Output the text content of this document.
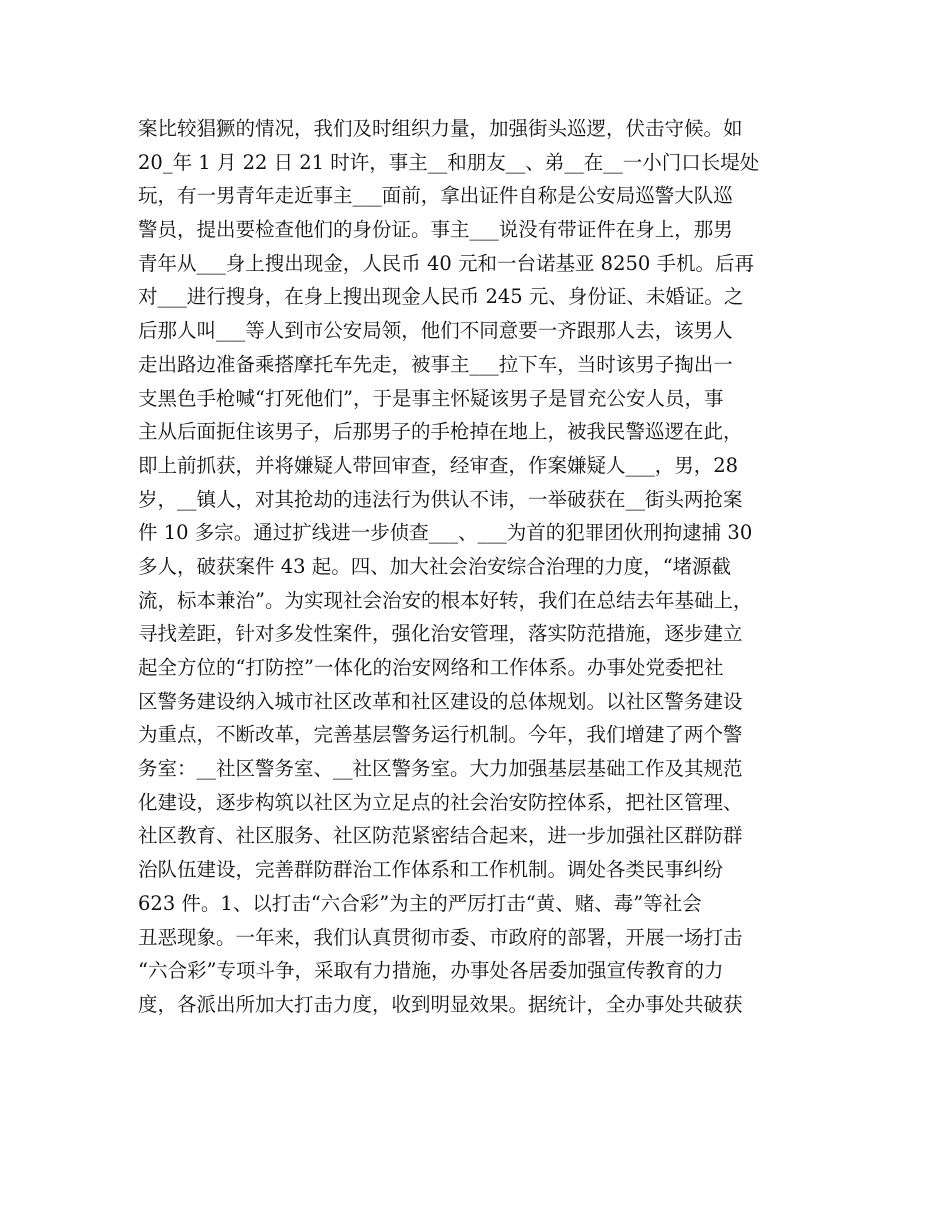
案比较猖獗的情况，我们及时组织力量，加强街头巡逻，伏击守候。如
20_年 1 月 22 日 21 时许，事主__和朋友__、弟__在__一小门口长堤处
玩，有一男青年走近事主___面前，拿出证件自称是公安局巡警大队巡
警员，提出要检查他们的身份证。事主___说没有带证件在身上，那男
青年从___身上搜出现金，人民币 40 元和一台诺基亚 8250 手机。后再
对___进行搜身，在身上搜出现金人民币 245 元、身份证、未婚证。之
后那人叫___等人到市公安局领，他们不同意要一齐跟那人去，该男人
走出路边准备乘搭摩托车先走，被事主___拉下车，当时该男子掏出一
支黑色手枪喊“打死他们”，于是事主怀疑该男子是冒充公安人员，事
主从后面扼住该男子，后那男子的手枪掉在地上，被我民警巡逻在此，
即上前抓获，并将嫌疑人带回审查，经审查，作案嫌疑人___，男，28
岁，__镇人，对其抢劫的违法行为供认不讳，一举破获在__街头两抢案
件 10 多宗。通过扩线进一步侦查___、___为首的犯罪团伙刑拘逮捕 30
多人，破获案件 43 起。四、加大社会治安综合治理的力度，“堵源截
流，标本兼治”。为实现社会治安的根本好转，我们在总结去年基础上，
寻找差距，针对多发性案件，强化治安管理，落实防范措施，逐步建立
起全方位的“打防控”一体化的治安网络和工作体系。办事处党委把社
区警务建设纳入城市社区改革和社区建设的总体规划。以社区警务建设
为重点，不断改革，完善基层警务运行机制。今年，我们增建了两个警
务室：__社区警务室、__社区警务室。大力加强基层基础工作及其规范
化建设，逐步构筑以社区为立足点的社会治安防控体系，把社区管理、
社区教育、社区服务、社区防范紧密结合起来，进一步加强社区群防群
治队伍建设，完善群防群治工作体系和工作机制。调处各类民事纠纷
623 件。1、以打击“六合彩”为主的严厉打击“黄、赌、毒”等社会
丑恶现象。一年来，我们认真贯彻市委、市政府的部署，开展一场打击
“六合彩”专项斗争，采取有力措施，办事处各居委加强宣传教育的力
度，各派出所加大打击力度，收到明显效果。据统计，全办事处共破获
